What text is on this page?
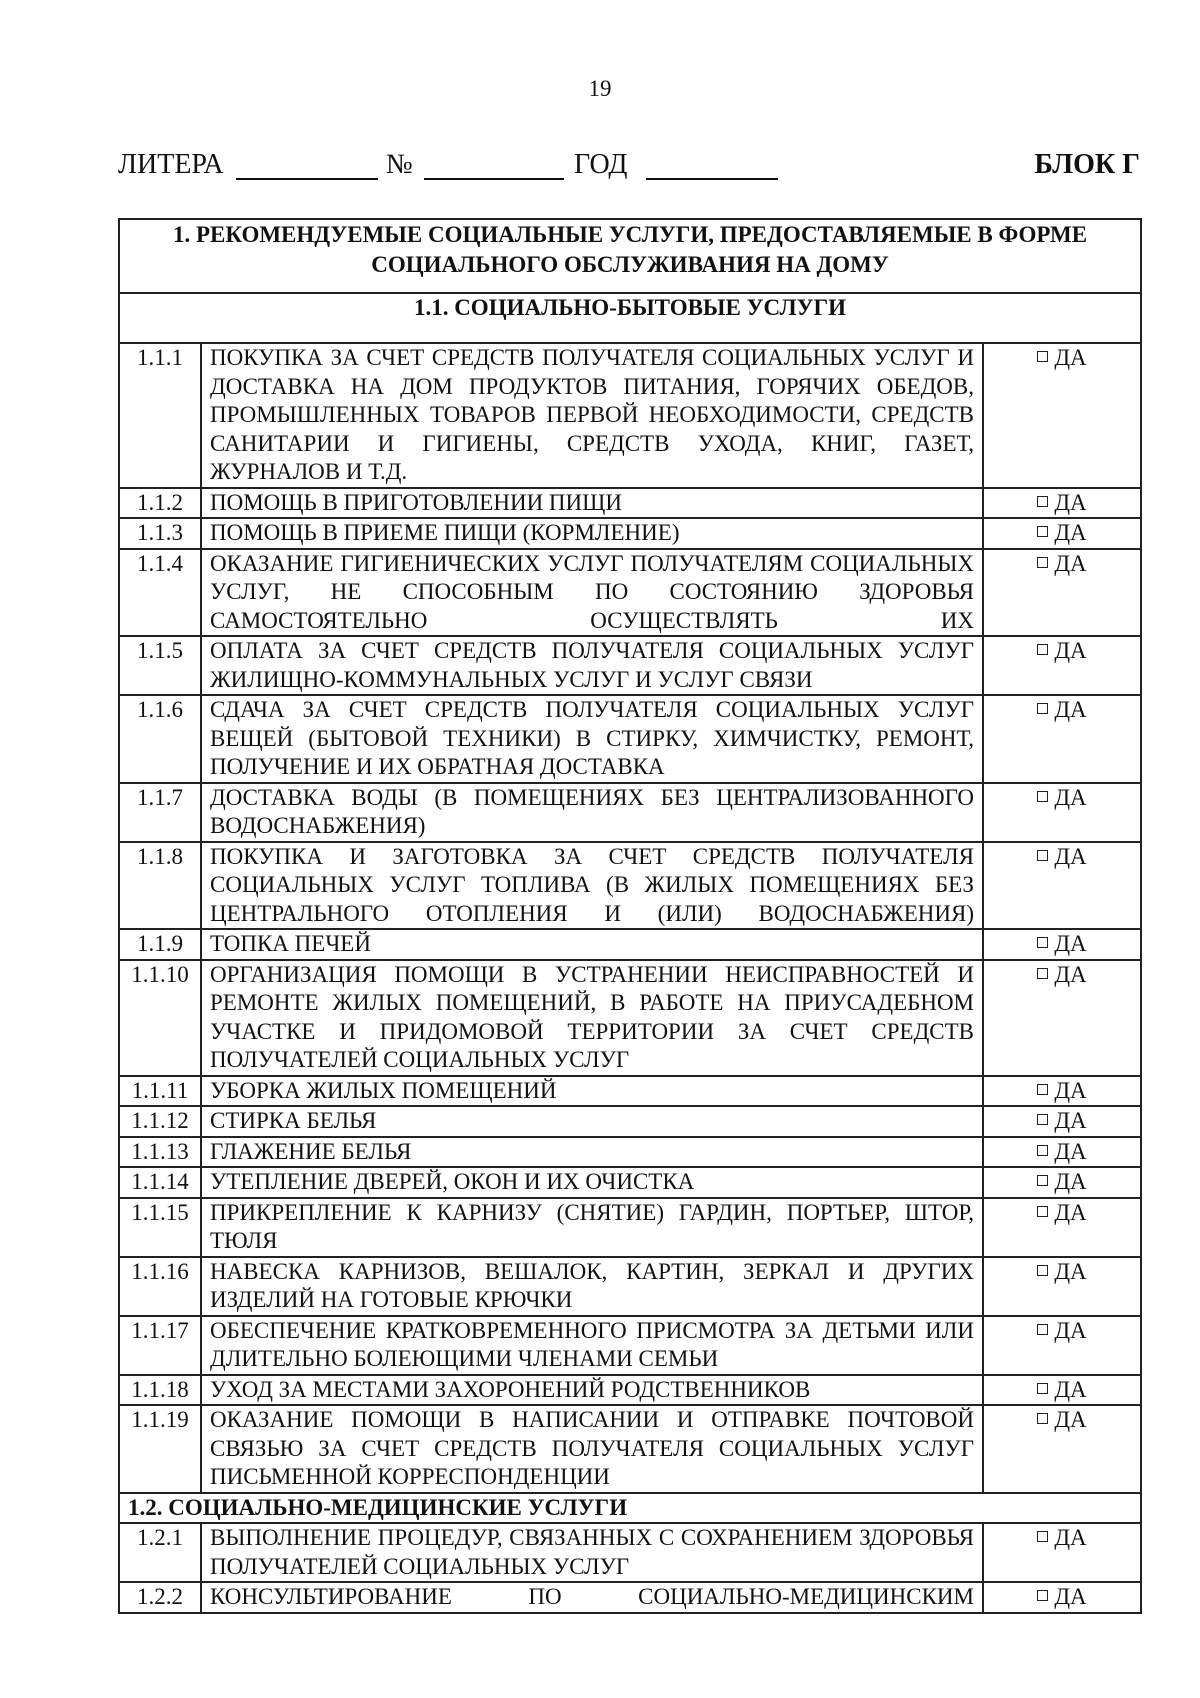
19
ЛИТЕРА	№	ГОД	БЛОК Г
1. РЕКОМЕНДУЕМЫЕ СОЦИАЛЬНЫЕ УСЛУГИ, ПРЕДОСТАВЛЯЕМЫЕ В ФОРМЕ СОЦИАЛЬНОГО ОБСЛУЖИВАНИЯ НА ДОМУ		
1.1. СОЦИАЛЬНО-БЫТОВЫЕ УСЛУГИ		
1.1.1	ПОКУПКА ЗА СЧЕТ СРЕДСТВ ПОЛУЧАТЕЛЯ СОЦИАЛЬНЫХ УСЛУГ И ДОСТАВКА НА ДОМ ПРОДУКТОВ ПИТАНИЯ, ГОРЯЧИХ ОБЕДОВ, ПРОМЫШЛЕННЫХ ТОВАРОВ ПЕРВОЙ НЕОБХОДИМОСТИ, СРЕДСТВ САНИТАРИИ И ГИГИЕНЫ, СРЕДСТВ УХОДА, КНИГ, ГАЗЕТ, ЖУРНАЛОВ И Т.Д.	ДА
1.1.2	ПОМОЩЬ В ПРИГОТОВЛЕНИИ ПИЩИ	ДА
1.1.3	ПОМОЩЬ В ПРИЕМЕ ПИЩИ (КОРМЛЕНИЕ)	ДА
1.1.4	ОКАЗАНИЕ ГИГИЕНИЧЕСКИХ УСЛУГ ПОЛУЧАТЕЛЯМ СОЦИАЛЬНЫХ УСЛУГ, НЕ СПОСОБНЫМ ПО СОСТОЯНИЮ ЗДОРОВЬЯ САМОСТОЯТЕЛЬНО ОСУЩЕСТВЛЯТЬ ИХ	ДА
1.1.5	ОПЛАТА ЗА СЧЕТ СРЕДСТВ ПОЛУЧАТЕЛЯ СОЦИАЛЬНЫХ УСЛУГ ЖИЛИЩНО-КОММУНАЛЬНЫХ УСЛУГ И УСЛУГ СВЯЗИ	ДА
1.1.6	СДАЧА ЗА СЧЕТ СРЕДСТВ ПОЛУЧАТЕЛЯ СОЦИАЛЬНЫХ УСЛУГ ВЕЩЕЙ (БЫТОВОЙ ТЕХНИКИ) В СТИРКУ, ХИМЧИСТКУ, РЕМОНТ, ПОЛУЧЕНИЕ И ИХ ОБРАТНАЯ ДОСТАВКА	ДА
1.1.7	ДОСТАВКА ВОДЫ (В ПОМЕЩЕНИЯХ БЕЗ ЦЕНТРАЛИЗОВАННОГО ВОДОСНАБЖЕНИЯ)	ДА
1.1.8	ПОКУПКА И ЗАГОТОВКА ЗА СЧЕТ СРЕДСТВ ПОЛУЧАТЕЛЯ СОЦИАЛЬНЫХ УСЛУГ ТОПЛИВА (В ЖИЛЫХ ПОМЕЩЕНИЯХ БЕЗ ЦЕНТРАЛЬНОГО ОТОПЛЕНИЯ И (ИЛИ) ВОДОСНАБЖЕНИЯ)	ДА
1.1.9	ТОПКА ПЕЧЕЙ	ДА
1.1.10	ОРГАНИЗАЦИЯ ПОМОЩИ В УСТРАНЕНИИ НЕИСПРАВНОСТЕЙ И РЕМОНТЕ ЖИЛЫХ ПОМЕЩЕНИЙ, В РАБОТЕ НА ПРИУСАДЕБНОМ УЧАСТКЕ И ПРИДОМОВОЙ ТЕРРИТОРИИ ЗА СЧЕТ СРЕДСТВ ПОЛУЧАТЕЛЕЙ СОЦИАЛЬНЫХ УСЛУГ	ДА
1.1.11	УБОРКА ЖИЛЫХ ПОМЕЩЕНИЙ	ДА
1.1.12	СТИРКА БЕЛЬЯ	ДА
1.1.13	ГЛАЖЕНИЕ БЕЛЬЯ	ДА
1.1.14	УТЕПЛЕНИЕ ДВЕРЕЙ, ОКОН И ИХ ОЧИСТКА	ДА
1.1.15	ПРИКРЕПЛЕНИЕ К КАРНИЗУ (СНЯТИЕ) ГАРДИН, ПОРТЬЕР, ШТОР, ТЮЛЯ	ДА
1.1.16	НАВЕСКА КАРНИЗОВ, ВЕШАЛОК, КАРТИН, ЗЕРКАЛ И ДРУГИХ ИЗДЕЛИЙ НА ГОТОВЫЕ КРЮЧКИ	ДА
1.1.17	ОБЕСПЕЧЕНИЕ КРАТКОВРЕМЕННОГО ПРИСМОТРА ЗА ДЕТЬМИ ИЛИ ДЛИТЕЛЬНО БОЛЕЮЩИМИ ЧЛЕНАМИ СЕМЬИ	ДА
1.1.18	УХОД ЗА МЕСТАМИ ЗАХОРОНЕНИЙ РОДСТВЕННИКОВ	ДА
1.1.19	ОКАЗАНИЕ ПОМОЩИ В НАПИСАНИИ И ОТПРАВКЕ ПОЧТОВОЙ СВЯЗЬЮ ЗА СЧЕТ СРЕДСТВ ПОЛУЧАТЕЛЯ СОЦИАЛЬНЫХ УСЛУГ ПИСЬМЕННОЙ КОРРЕСПОНДЕНЦИИ	ДА
1.2. СОЦИАЛЬНО-МЕДИЦИНСКИЕ УСЛУГИ		
1.2.1	ВЫПОЛНЕНИЕ ПРОЦЕДУР, СВЯЗАННЫХ С СОХРАНЕНИЕМ ЗДОРОВЬЯ ПОЛУЧАТЕЛЕЙ СОЦИАЛЬНЫХ УСЛУГ	ДА
1.2.2	КОНСУЛЬТИРОВАНИЕ ПО СОЦИАЛЬНО-МЕДИЦИНСКИМ	ДА
